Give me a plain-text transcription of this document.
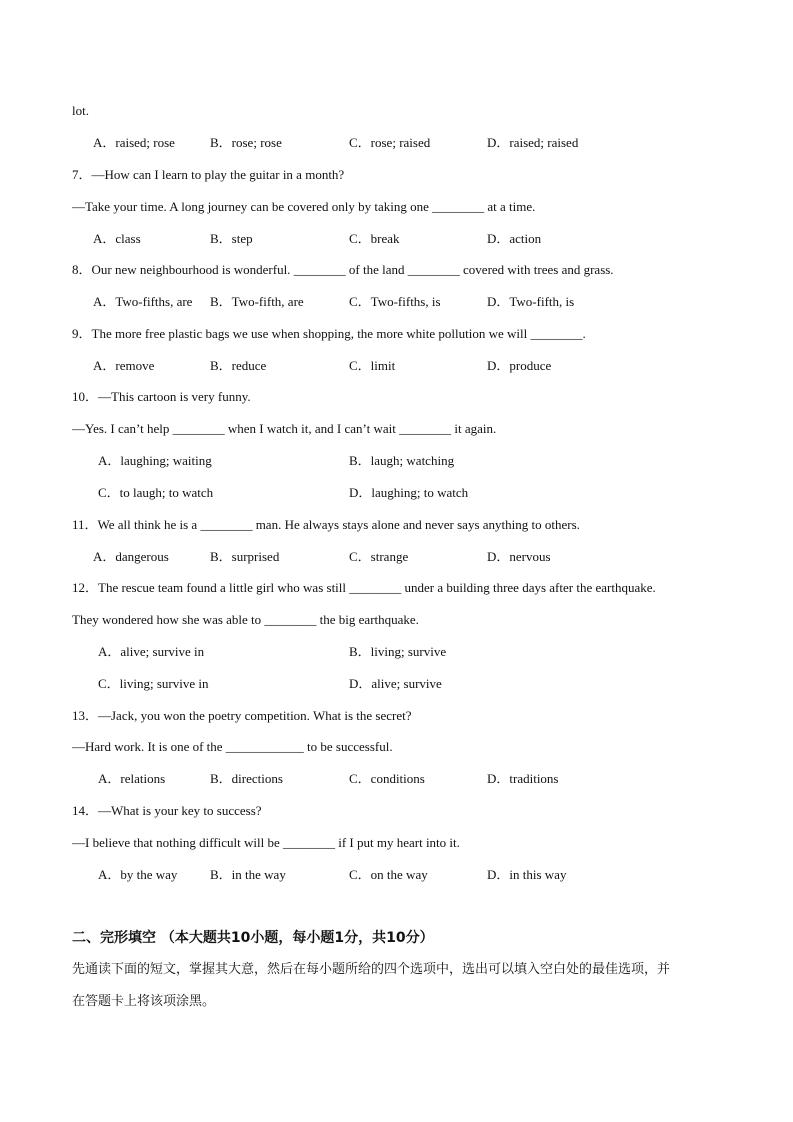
lot.
A．raised; rose	B．rose; rose	C．rose; raised	D．raised; raised
7．—How can I learn to play the guitar in a month?
—Take your time. A long journey can be covered only by taking one ________ at a time.
A．class	B．step	C．break	D．action
8．Our new neighbourhood is wonderful. ________ of the land ________ covered with trees and grass.
A．Two-fifths, are B．Two-fifth, are	C．Two-fifths, is	D．Two-fifth, is
9．The more free plastic bags we use when shopping, the more white pollution we will ________.
A．remove	B．reduce	C．limit	D．produce
10．—This cartoon is very funny.
—Yes. I can’t help ________ when I watch it, and I can’t wait ________ it again.
A．laughing; waiting	B．laugh; watching
C．to laugh; to watch	D．laughing; to watch
11．We all think he is a ________ man. He always stays alone and never says anything to others.
A．dangerous	B．surprised	C．strange	D．nervous
12．The rescue team found a little girl who was still ________ under a building three days after the earthquake.
They wondered how she was able to ________ the big earthquake.
A．alive; survive in	B．living; survive
C．living; survive in	D．alive; survive
13．—Jack, you won the poetry competition. What is the secret?
—Hard work. It is one of the ____________ to be successful.
A．relations	B．directions	C．conditions	D．traditions
14．—What is your key to success?
—I believe that nothing difficult will be ________ if I put my heart into it.
A．by the way	B．in the way	C．on the way	D．in this way
二、完形填空 （本大题共10小题，每小题1分，共10分）
先通读下面的短文，掌握其大意，然后在每小题所给的四个选项中，选出可以填入空白处的最佳选项，并
在答题卡上将该项涂黑。
